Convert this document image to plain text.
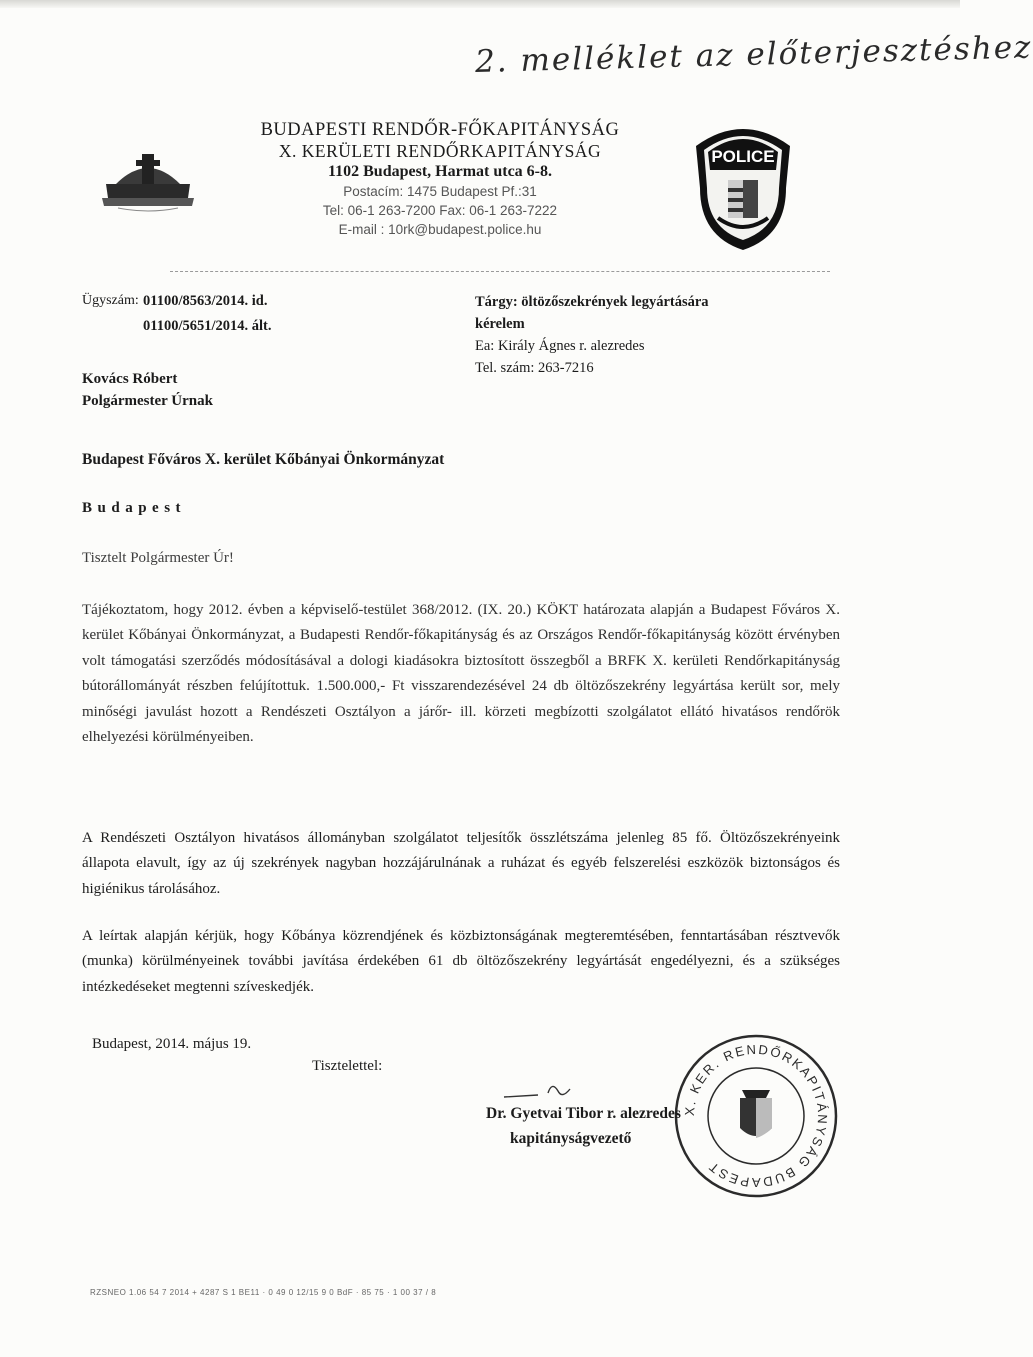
2. melléklet az előterjesztéshez
BUDAPESTI RENDŐR-FŐKAPITÁNYSÁG
X. KERÜLETI RENDŐRKAPITÁNYSÁG
1102 Budapest, Harmat utca 6-8.
Postacím: 1475 Budapest Pf.:31
Tel: 06-1 263-7200 Fax: 06-1 263-7222
E-mail : 10rk@budapest.police.hu
POLICE
Ügyszám: 01100/8563/2014. id.
01100/5651/2014. ált.
Tárgy: öltözőszekrények legyártására
kérelem
Ea: Király Ágnes r. alezredes
Tel. szám: 263-7216
Kovács Róbert
Polgármester Úrnak
Budapest Főváros X. kerület Kőbányai Önkormányzat
Budapest
Tisztelt Polgármester Úr!
Tájékoztatom, hogy 2012. évben a képviselő-testület 368/2012. (IX. 20.) KÖKT határozata alapján a Budapest Főváros X. kerület Kőbányai Önkormányzat, a Budapesti Rendőr-főkapitányság és az Országos Rendőr-főkapitányság között érvényben volt támogatási szerződés módosításával a dologi kiadásokra biztosított összegből a BRFK X. kerületi Rendőrkapitányság bútorállományát részben felújítottuk. 1.500.000,- Ft visszarendezésével 24 db öltözőszekrény legyártása került sor, mely minőségi javulást hozott a Rendészeti Osztályon a járőr- ill. körzeti megbízotti szolgálatot ellátó hivatásos rendőrök elhelyezési körülményeiben.
A Rendészeti Osztályon hivatásos állományban szolgálatot teljesítők összlétszáma jelenleg 85 fő. Öltözőszekrényeink állapota elavult, így az új szekrények nagyban hozzájárulnának a ruházat és egyéb felszerelési eszközök biztonságos és higiénikus tárolásához.
A leírtak alapján kérjük, hogy Kőbánya közrendjének és közbiztonságának megteremtésében, fenntartásában résztvevők (munka) körülményeinek további javítása érdekében 61 db öltözőszekrény legyártását engedélyezni, és a szükséges intézkedéseket megtenni szíveskedjék.
Budapest, 2014. május 19.
Tisztelettel:
X. KER. RENDŐRKAPITÁNYSÁG BUDAPEST
Dr. Gyetvai Tibor r. alezredes
kapitányságvezető
RZSNEO 1.06 54 7 2014 + 4287 S 1 BE11 · 0 49 0 12/15 9 0 BdF · 85 75 · 1 00 37 / 8
